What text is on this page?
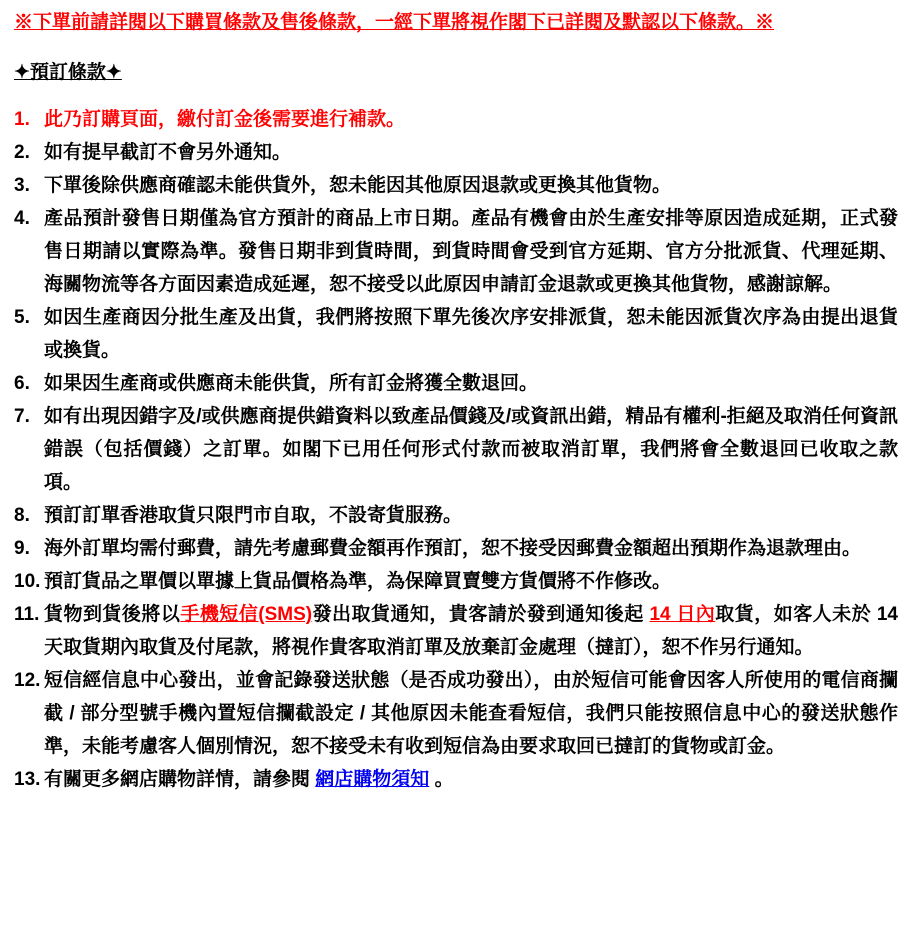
※下單前請詳閱以下購買條款及售後條款，一經下單將視作閣下已詳閱及默認以下條款。※
✦預訂條款✦
1. 此乃訂購頁面，繳付訂金後需要進行補款。
2. 如有提早截訂不會另外通知。
3. 下單後除供應商確認未能供貨外，恕未能因其他原因退款或更換其他貨物。
4. 產品預計發售日期僅為官方預計的商品上市日期。產品有機會由於生產安排等原因造成延期，正式發售日期請以實際為準。發售日期非到貨時間，到貨時間會受到官方延期、官方分批派貨、代理延期、海關物流等各方面因素造成延遲，恕不接受以此原因申請訂金退款或更換其他貨物，感謝諒解。
5. 如因生產商因分批生產及出貨，我們將按照下單先後次序安排派貨，恕未能因派貨次序為由提出退貨或換貨。
6. 如果因生產商或供應商未能供貨，所有訂金將獲全數退回。
7. 如有出現因錯字及/或供應商提供錯資料以致產品價錢及/或資訊出錯，精品有權利-拒絕及取消任何資訊錯誤（包括價錢）之訂單。如閣下已用任何形式付款而被取消訂單，我們將會全數退回已收取之款項。
8. 預訂訂單香港取貨只限門市自取，不設寄貨服務。
9. 海外訂單均需付郵費，請先考慮郵費金額再作預訂，恕不接受因郵費金額超出預期作為退款理由。
10. 預訂貨品之單價以單據上貨品價格為準，為保障買賣雙方貨價將不作修改。
11. 貨物到貨後將以手機短信(SMS)發出取貨通知，貴客請於發到通知後起 14 日內取貨，如客人未於 14 天取貨期內取貨及付尾款，將視作貴客取消訂單及放棄訂金處理（撻訂），恕不作另行通知。
12. 短信經信息中心發出，並會記錄發送狀態（是否成功發出），由於短信可能會因客人所使用的電信商攔截 / 部分型號手機內置短信攔截設定 / 其他原因未能查看短信，我們只能按照信息中心的發送狀態作準，未能考慮客人個別情況，恕不接受未有收到短信為由要求取回已撻訂的貨物或訂金。
13. 有關更多網店購物詳情，請參閱 網店購物須知 。
